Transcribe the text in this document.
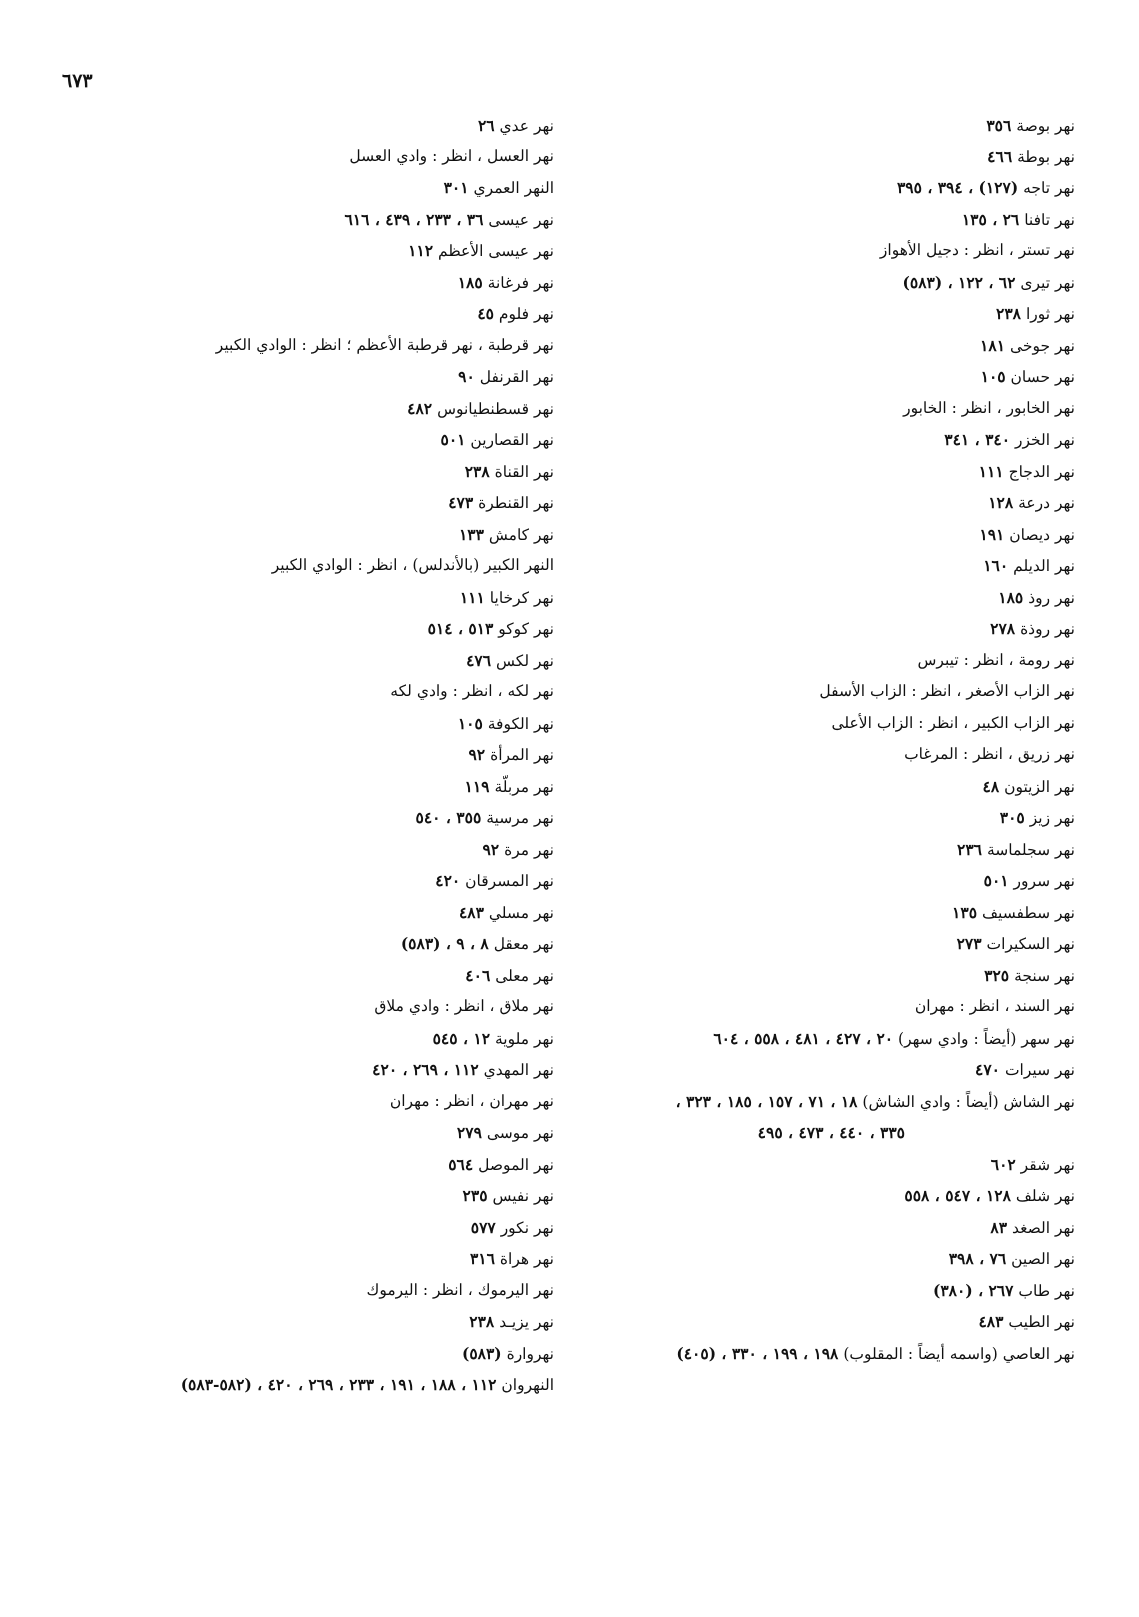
٦٧٣
نهر بوصة ٣٥٦
نهر بوطة ٤٦٦
نهر تاجه (١٢٧) ، ٣٩٤ ، ٣٩٥
نهر تافنا ٢٦ ، ١٣٥
نهر تستر ، انظر : دجيل الأهواز
نهر تيرى ٦٢ ، ١٢٢ ، (٥٨٣)
نهر ثورا ٢٣٨
نهر جوخى ١٨١
نهر حسان ١٠٥
نهر الخابور ، انظر : الخابور
نهر الخزر ٣٤٠ ، ٣٤١
نهر الدجاج ١١١
نهر درعة ١٢٨
نهر ديصان ١٩١
نهر الديلم ١٦٠
نهر روذ ١٨٥
نهر روذة ٢٧٨
نهر رومة ، انظر : تيبرس
نهر الزاب الأصغر ، انظر : الزاب الأسفل
نهر الزاب الكبير ، انظر : الزاب الأعلى
نهر زريق ، انظر : المرغاب
نهر الزيتون ٤٨
نهر زيز ٣٠٥
نهر سجلماسة ٢٣٦
نهر سرور ٥٠١
نهر سطفسيف ١٣٥
نهر السكيرات ٢٧٣
نهر سنجة ٣٢٥
نهر السند ، انظر : مهران
نهر سهر (أيضاً : وادي سهر) ٢٠ ، ٤٢٧ ، ٤٨١ ، ٥٥٨ ، ٦٠٤
نهر سيرات ٤٧٠
نهر الشاش (أيضاً : وادي الشاش) ١٨ ، ٧١ ، ١٥٧ ، ١٨٥ ، ٣٢٣ ،
٣٣٥ ، ٤٤٠ ، ٤٧٣ ، ٤٩٥
نهر شقر ٦٠٢
نهر شلف ١٢٨ ، ٥٤٧ ، ٥٥٨
نهر الصغد ٨٣
نهر الصين ٧٦ ، ٣٩٨
نهر طاب ٢٦٧ ، (٣٨٠)
نهر الطيب ٤٨٣
نهر العاصي (واسمه أيضاً : المقلوب) ١٩٨ ، ١٩٩ ، ٣٣٠ ، (٤٠٥)
نهر عدي ٢٦
نهر العسل ، انظر : وادي العسل
النهر العمري ٣٠١
نهر عيسى ٣٦ ، ٢٣٣ ، ٤٣٩ ، ٦١٦
نهر عيسى الأعظم ١١٢
نهر فرغانة ١٨٥
نهر فلوم ٤٥
نهر قرطبة ، نهر قرطبة الأعظم ؛ انظر : الوادي الكبير
نهر القرنفل ٩٠
نهر قسطنطيانوس ٤٨٢
نهر القصارين ٥٠١
نهر القناة ٢٣٨
نهر القنطرة ٤٧٣
نهر كامش ١٣٣
النهر الكبير (بالأندلس) ، انظر : الوادي الكبير
نهر كرخايا ١١١
نهر كوكو ٥١٣ ، ٥١٤
نهر لكس ٤٧٦
نهر لكه ، انظر : وادي لكه
نهر الكوفة ١٠٥
نهر المرأة ٩٢
نهر مربلّة ١١٩
نهر مرسية ٣٥٥ ، ٥٤٠
نهر مرة ٩٢
نهر المسرقان ٤٢٠
نهر مسلي ٤٨٣
نهر معقل ٨ ، ٩ ، (٥٨٣)
نهر معلى ٤٠٦
نهر ملاق ، انظر : وادي ملاق
نهر ملوية ١٢ ، ٥٤٥
نهر المهدي ١١٢ ، ٢٦٩ ، ٤٢٠
نهر مهران ، انظر : مهران
نهر موسى ٢٧٩
نهر الموصل ٥٦٤
نهر نفيس ٢٣٥
نهر نكور ٥٧٧
نهر هراة ٣١٦
نهر اليرموك ، انظر : اليرموك
نهر يزيـد ٢٣٨
نهروارة (٥٨٣)
النهروان ١١٢ ، ١٨٨ ، ١٩١ ، ٢٣٣ ، ٢٦٩ ، ٤٢٠ ، (٥٨٢-٥٨٣)
